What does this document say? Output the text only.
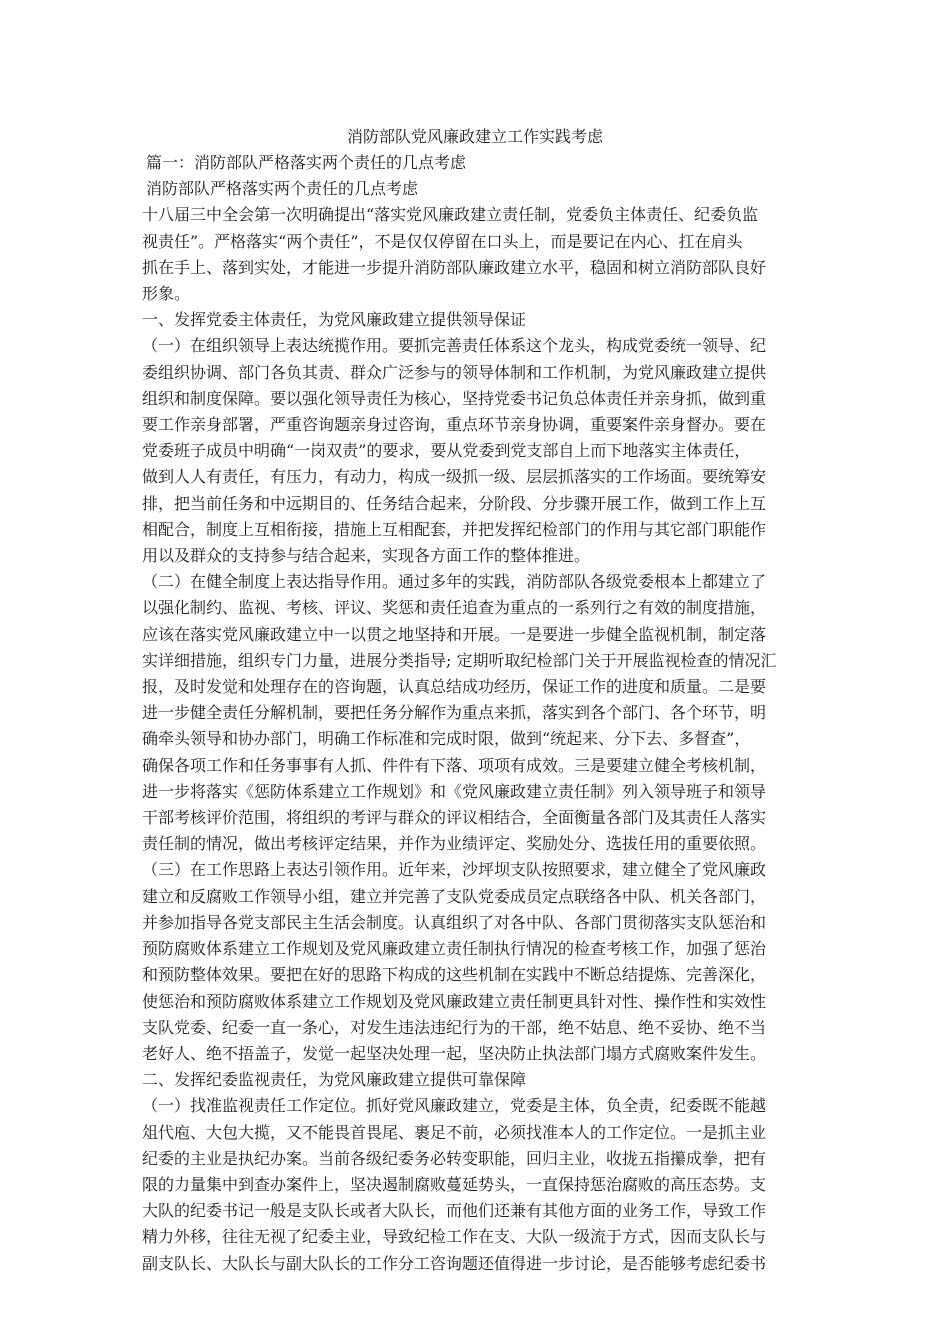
消防部队党风廉政建立工作实践考虑
篇一：消防部队严格落实两个责任的几点考虑
消防部队严格落实两个责任的几点考虑

十八届三中全会第一次明确提出“落实党风廉政建立责任制，党委负主体责任、纪委负监
视责任”。严格落实“两个责任”，不是仅仅停留在口头上，而是要记在内心、扛在肩头
抓在手上、落到实处，才能进一步提升消防部队廉政建立水平，稳固和树立消防部队良好
形象。

一、发挥党委主体责任，为党风廉政建立提供领导保证

（一）在组织领导上表达统揽作用。要抓完善责任体系这个龙头，构成党委统一领导、纪
委组织协调、部门各负其责、群众广泛参与的领导体制和工作机制，为党风廉政建立提供
组织和制度保障。要以强化领导责任为核心，坚持党委书记负总体责任并亲身抓，做到重
要工作亲身部署，严重咨询题亲身过咨询，重点环节亲身协调，重要案件亲身督办。要在
党委班子成员中明确“一岗双责”的要求，要从党委到党支部自上而下地落实主体责任，
做到人人有责任，有压力，有动力，构成一级抓一级、层层抓落实的工作场面。要统筹安
排，把当前任务和中远期目的、任务结合起来，分阶段、分步骤开展工作，做到工作上互
相配合，制度上互相衔接，措施上互相配套，并把发挥纪检部门的作用与其它部门职能作
用以及群众的支持参与结合起来，实现各方面工作的整体推进。

（二）在健全制度上表达指导作用。通过多年的实践，消防部队各级党委根本上都建立了
以强化制约、监视、考核、评议、奖惩和责任追查为重点的一系列行之有效的制度措施，
应该在落实党风廉政建立中一以贯之地坚持和开展。一是要进一步健全监视机制，制定落
实详细措施，组织专门力量，进展分类指导; 定期听取纪检部门关于开展监视检查的情况汇
报，及时发觉和处理存在的咨询题，认真总结成功经历，保证工作的进度和质量。二是要
进一步健全责任分解机制，要把任务分解作为重点来抓，落实到各个部门、各个环节，明
确牵头领导和协办部门，明确工作标准和完成时限，做到“统起来、分下去、多督查”，
确保各项工作和任务事事有人抓、件件有下落、项项有成效。三是要建立健全考核机制，
进一步将落实《惩防体系建立工作规划》和《党风廉政建立责任制》列入领导班子和领导
干部考核评价范围，将组织的考评与群众的评议相结合，全面衡量各部门及其责任人落实
责任制的情况，做出考核评定结果，并作为业绩评定、奖励处分、选拔任用的重要依照。

（三）在工作思路上表达引领作用。近年来，沙坪坝支队按照要求，建立健全了党风廉政
建立和反腐败工作领导小组，建立并完善了支队党委成员定点联络各中队、机关各部门，
并参加指导各党支部民主生活会制度。认真组织了对各中队、各部门贯彻落实支队惩治和
预防腐败体系建立工作规划及党风廉政建立责任制执行情况的检查考核工作，加强了惩治
和预防整体效果。要把在好的思路下构成的这些机制在实践中不断总结提炼、完善深化，
使惩治和预防腐败体系建立工作规划及党风廉政建立责任制更具针对性、操作性和实效性
支队党委、纪委一直一条心，对发生违法违纪行为的干部，绝不姑息、绝不妥协、绝不当
老好人、绝不捂盖子，发觉一起坚决处理一起，坚决防止执法部门塌方式腐败案件发生。

二、发挥纪委监视责任，为党风廉政建立提供可靠保障

（一）找准监视责任工作定位。抓好党风廉政建立，党委是主体，负全责，纪委既不能越
俎代庖、大包大揽，又不能畏首畏尾、裹足不前，必须找准本人的工作定位。一是抓主业
纪委的主业是执纪办案。当前各级纪委务必转变职能，回归主业，收拢五指攥成拳，把有
限的力量集中到查办案件上，坚决遏制腐败蔓延势头，一直保持惩治腐败的高压态势。支
大队的纪委书记一般是支队长或者大队长，而他们还兼有其他方面的业务工作，导致工作
精力外移，往往无视了纪委主业，导致纪检工作在支、大队一级流于方式，因而支队长与
副支队长、大队长与副大队长的工作分工咨询题还值得进一步讨论，是否能够考虑纪委书
